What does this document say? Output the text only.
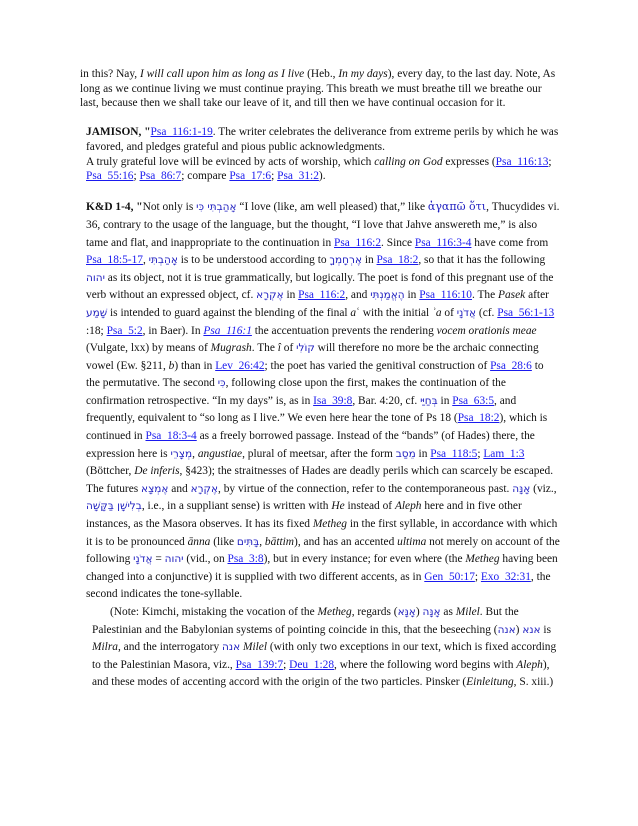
in this? Nay, I will call upon him as long as I live (Heb., In my days), every day, to the last day. Note, As long as we continue living we must continue praying. This breath we must breathe till we breathe our last, because then we shall take our leave of it, and till then we have continual occasion for it.

JAMISON, "Psa_116:1-19. The writer celebrates the deliverance from extreme perils by which he was favored, and pledges grateful and pious public acknowledgments.

A truly grateful love will be evinced by acts of worship, which calling on God expresses (Psa_116:13; Psa_55:16; Psa_86:7; compare Psa_17:6; Psa_31:2).

K&D 1-4, "Not only is אָהַבְתִּי כִּי “I love (like, am well pleased) that,” like ἀγαπῶ ὅτι, Thucydides vi. 36, contrary to the usage of the language, but the thought, “I love that Jahve answereth me,” is also tame and flat, and inappropriate to the continuation in Psa_116:2. Since Psa_116:3-4 have come from Psa_18:5-17, אָהַבְתִּי is to be understood according to אֶרְחָמְךָ in Psa_18:2, so that it has the following יהוה as its object, not it is true grammatically, but logically. The poet is fond of this pregnant use of the verb without an expressed object, cf. אֶקְרָא in Psa_116:2, and הֶאֱמַנְתִּי in Psa_116:10. The Pasek after שָׁמַע is intended to guard against the blending of the final aʿ with the initial ʾa of אֲדֹנָי (cf. Psa_56:1-13 :18; Psa_5:2, in Baer). In Psa_116:1 the accentuation prevents the rendering vocem orationis meae (Vulgate, lxx) by means of Mugrash. The î of קוֹלִי will therefore no more be the archaic connecting vowel (Ew. §211, b) than in Lev_26:42; the poet has varied the genitival construction of Psa_28:6 to the permutative. The second כִּי, following close upon the first, makes the continuation of the confirmation retrospective. “In my days” is, as in Isa_39:8, Bar. 4:20, cf. בְּחַיַּי in Psa_63:5, and frequently, equivalent to “so long as I live.” We even here hear the tone of Ps 18 (Psa_18:2), which is continued in Psa_18:3-4 as a freely borrowed passage. Instead of the “bands” (of Hades) there, the expression here is מְצָרֵי, angustiae, plural of meetsar, after the form מֵסַב in Psa_118:5; Lam_1:3 (Böttcher, De inferis, §423); the straitnesses of Hades are deadly perils which can scarcely be escaped. The futures אֶמְצָא and אֶקְרָא, by virtue of the connection, refer to the contemporaneous past. אָנָּה (viz., בְלִישָׁן בַּקָּשָׁה, i.e., in a suppliant sense) is written with He instead of Aleph here and in five other instances, as the Masora observes. It has its fixed Metheg in the first syllable, in accordance with which it is to be pronounced ānna (like בָּתִּים, bāttim), and has an accented ultima not merely on account of the following	יהוה = אֲדֹנָי	(vid., on Psa_3:8), but in every instance; for even where (the Metheg having been changed into a conjunctive) it is supplied with two different accents, as in Gen_50:17; Exo_32:31, the second indicates the tone-syllable.

(Note: Kimchi, mistaking the vocation of the Metheg, regards	אָנָּה (אָנָּא) as Milel. But the Palestinian and the Babylonian systems of pointing coincide in this, that the beseeching	אנא (אנה) is Milra, and the interrogatory אנה Milel (with only two exceptions in our text, which is fixed according to the Palestinian Masora, viz., Psa_139:7; Deu_1:28, where the following word begins with Aleph), and these modes of accenting accord with the origin of the two particles. Pinsker (Einleitung, S. xiii.)
